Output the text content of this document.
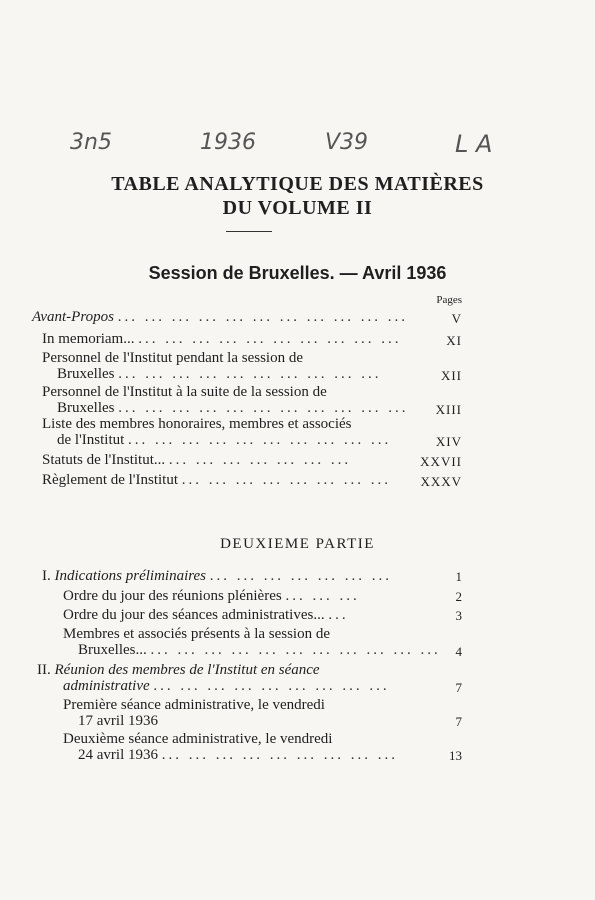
3n5	1936	V39	L A
TABLE ANALYTIQUE DES MATIÈRES
DU VOLUME II
Session de Bruxelles. — Avril 1936
Pages
Avant-Propos ... ... ... ... ... ... ... ... ... ... ...	V
In memoriam... ... ... ... ... ... ... ... ... ... ...	XI
Personnel de l'Institut pendant la session de
Bruxelles ... ... ... ... ... ... ... ... ... ...	XII
Personnel de l'Institut à la suite de la session de
Bruxelles ... ... ... ... ... ... ... ... ... ... ...	XIII
Liste des membres honoraires, membres et associés
de l'Institut ... ... ... ... ... ... ... ... ... ...	XIV
Statuts de l'Institut... ... ... ... ... ... ... ...	XXVII
Règlement de l'Institut ... ... ... ... ... ... ... ...	XXXV
DEUXIEME PARTIE
I. Indications préliminaires ... ... ... ... ... ... ...	1
Ordre du jour des réunions plénières ... ... ...	2
Ordre du jour des séances administratives... ...	3
Membres et associés présents à la session de
Bruxelles... ... ... ... ... ... ... ... ... ... ... ...	4
II. Réunion des membres de l'Institut en séance
administrative ... ... ... ... ... ... ... ... ...	7
Première séance administrative, le vendredi
17 avril 1936	7
Deuxième séance administrative, le vendredi
24 avril 1936 ... ... ... ... ... ... ... ... ...	13
